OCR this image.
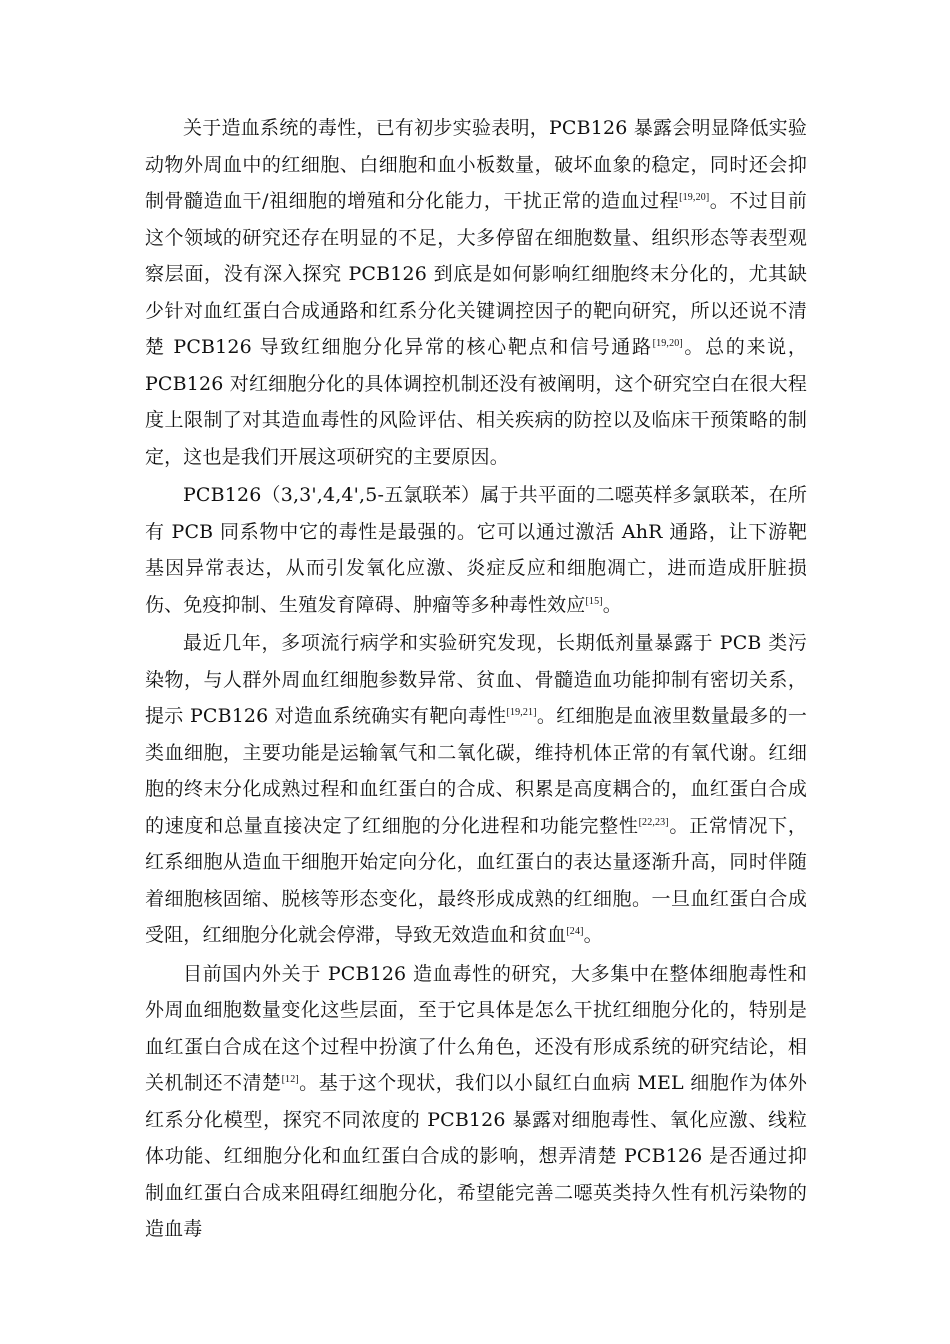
关于造血系统的毒性，已有初步实验表明，PCB126 暴露会明显降低实验动物外周血中的红细胞、白细胞和血小板数量，破坏血象的稳定，同时还会抑制骨髓造血干/祖细胞的增殖和分化能力，干扰正常的造血过程[19,20]。不过目前这个领域的研究还存在明显的不足，大多停留在细胞数量、组织形态等表型观察层面，没有深入探究 PCB126 到底是如何影响红细胞终末分化的，尤其缺少针对血红蛋白合成通路和红系分化关键调控因子的靶向研究，所以还说不清楚 PCB126 导致红细胞分化异常的核心靶点和信号通路[19,20]。总的来说，PCB126 对红细胞分化的具体调控机制还没有被阐明，这个研究空白在很大程度上限制了对其造血毒性的风险评估、相关疾病的防控以及临床干预策略的制定，这也是我们开展这项研究的主要原因。

PCB126（3,3',4,4',5-五氯联苯）属于共平面的二噁英样多氯联苯，在所有 PCB 同系物中它的毒性是最强的。它可以通过激活 AhR 通路，让下游靶基因异常表达，从而引发氧化应激、炎症反应和细胞凋亡，进而造成肝脏损伤、免疫抑制、生殖发育障碍、肿瘤等多种毒性效应[15]。

最近几年，多项流行病学和实验研究发现，长期低剂量暴露于 PCB 类污染物，与人群外周血红细胞参数异常、贫血、骨髓造血功能抑制有密切关系，提示 PCB126 对造血系统确实有靶向毒性[19,21]。红细胞是血液里数量最多的一类血细胞，主要功能是运输氧气和二氧化碳，维持机体正常的有氧代谢。红细胞的终末分化成熟过程和血红蛋白的合成、积累是高度耦合的，血红蛋白合成的速度和总量直接决定了红细胞的分化进程和功能完整性[22,23]。正常情况下，红系细胞从造血干细胞开始定向分化，血红蛋白的表达量逐渐升高，同时伴随着细胞核固缩、脱核等形态变化，最终形成成熟的红细胞。一旦血红蛋白合成受阻，红细胞分化就会停滞，导致无效造血和贫血[24]。

目前国内外关于 PCB126 造血毒性的研究，大多集中在整体细胞毒性和外周血细胞数量变化这些层面，至于它具体是怎么干扰红细胞分化的，特别是血红蛋白合成在这个过程中扮演了什么角色，还没有形成系统的研究结论，相关机制还不清楚[12]。基于这个现状，我们以小鼠红白血病 MEL 细胞作为体外红系分化模型，探究不同浓度的 PCB126 暴露对细胞毒性、氧化应激、线粒体功能、红细胞分化和血红蛋白合成的影响，想弄清楚 PCB126 是否通过抑制血红蛋白合成来阻碍红细胞分化，希望能完善二噁英类持久性有机污染物的造血毒
